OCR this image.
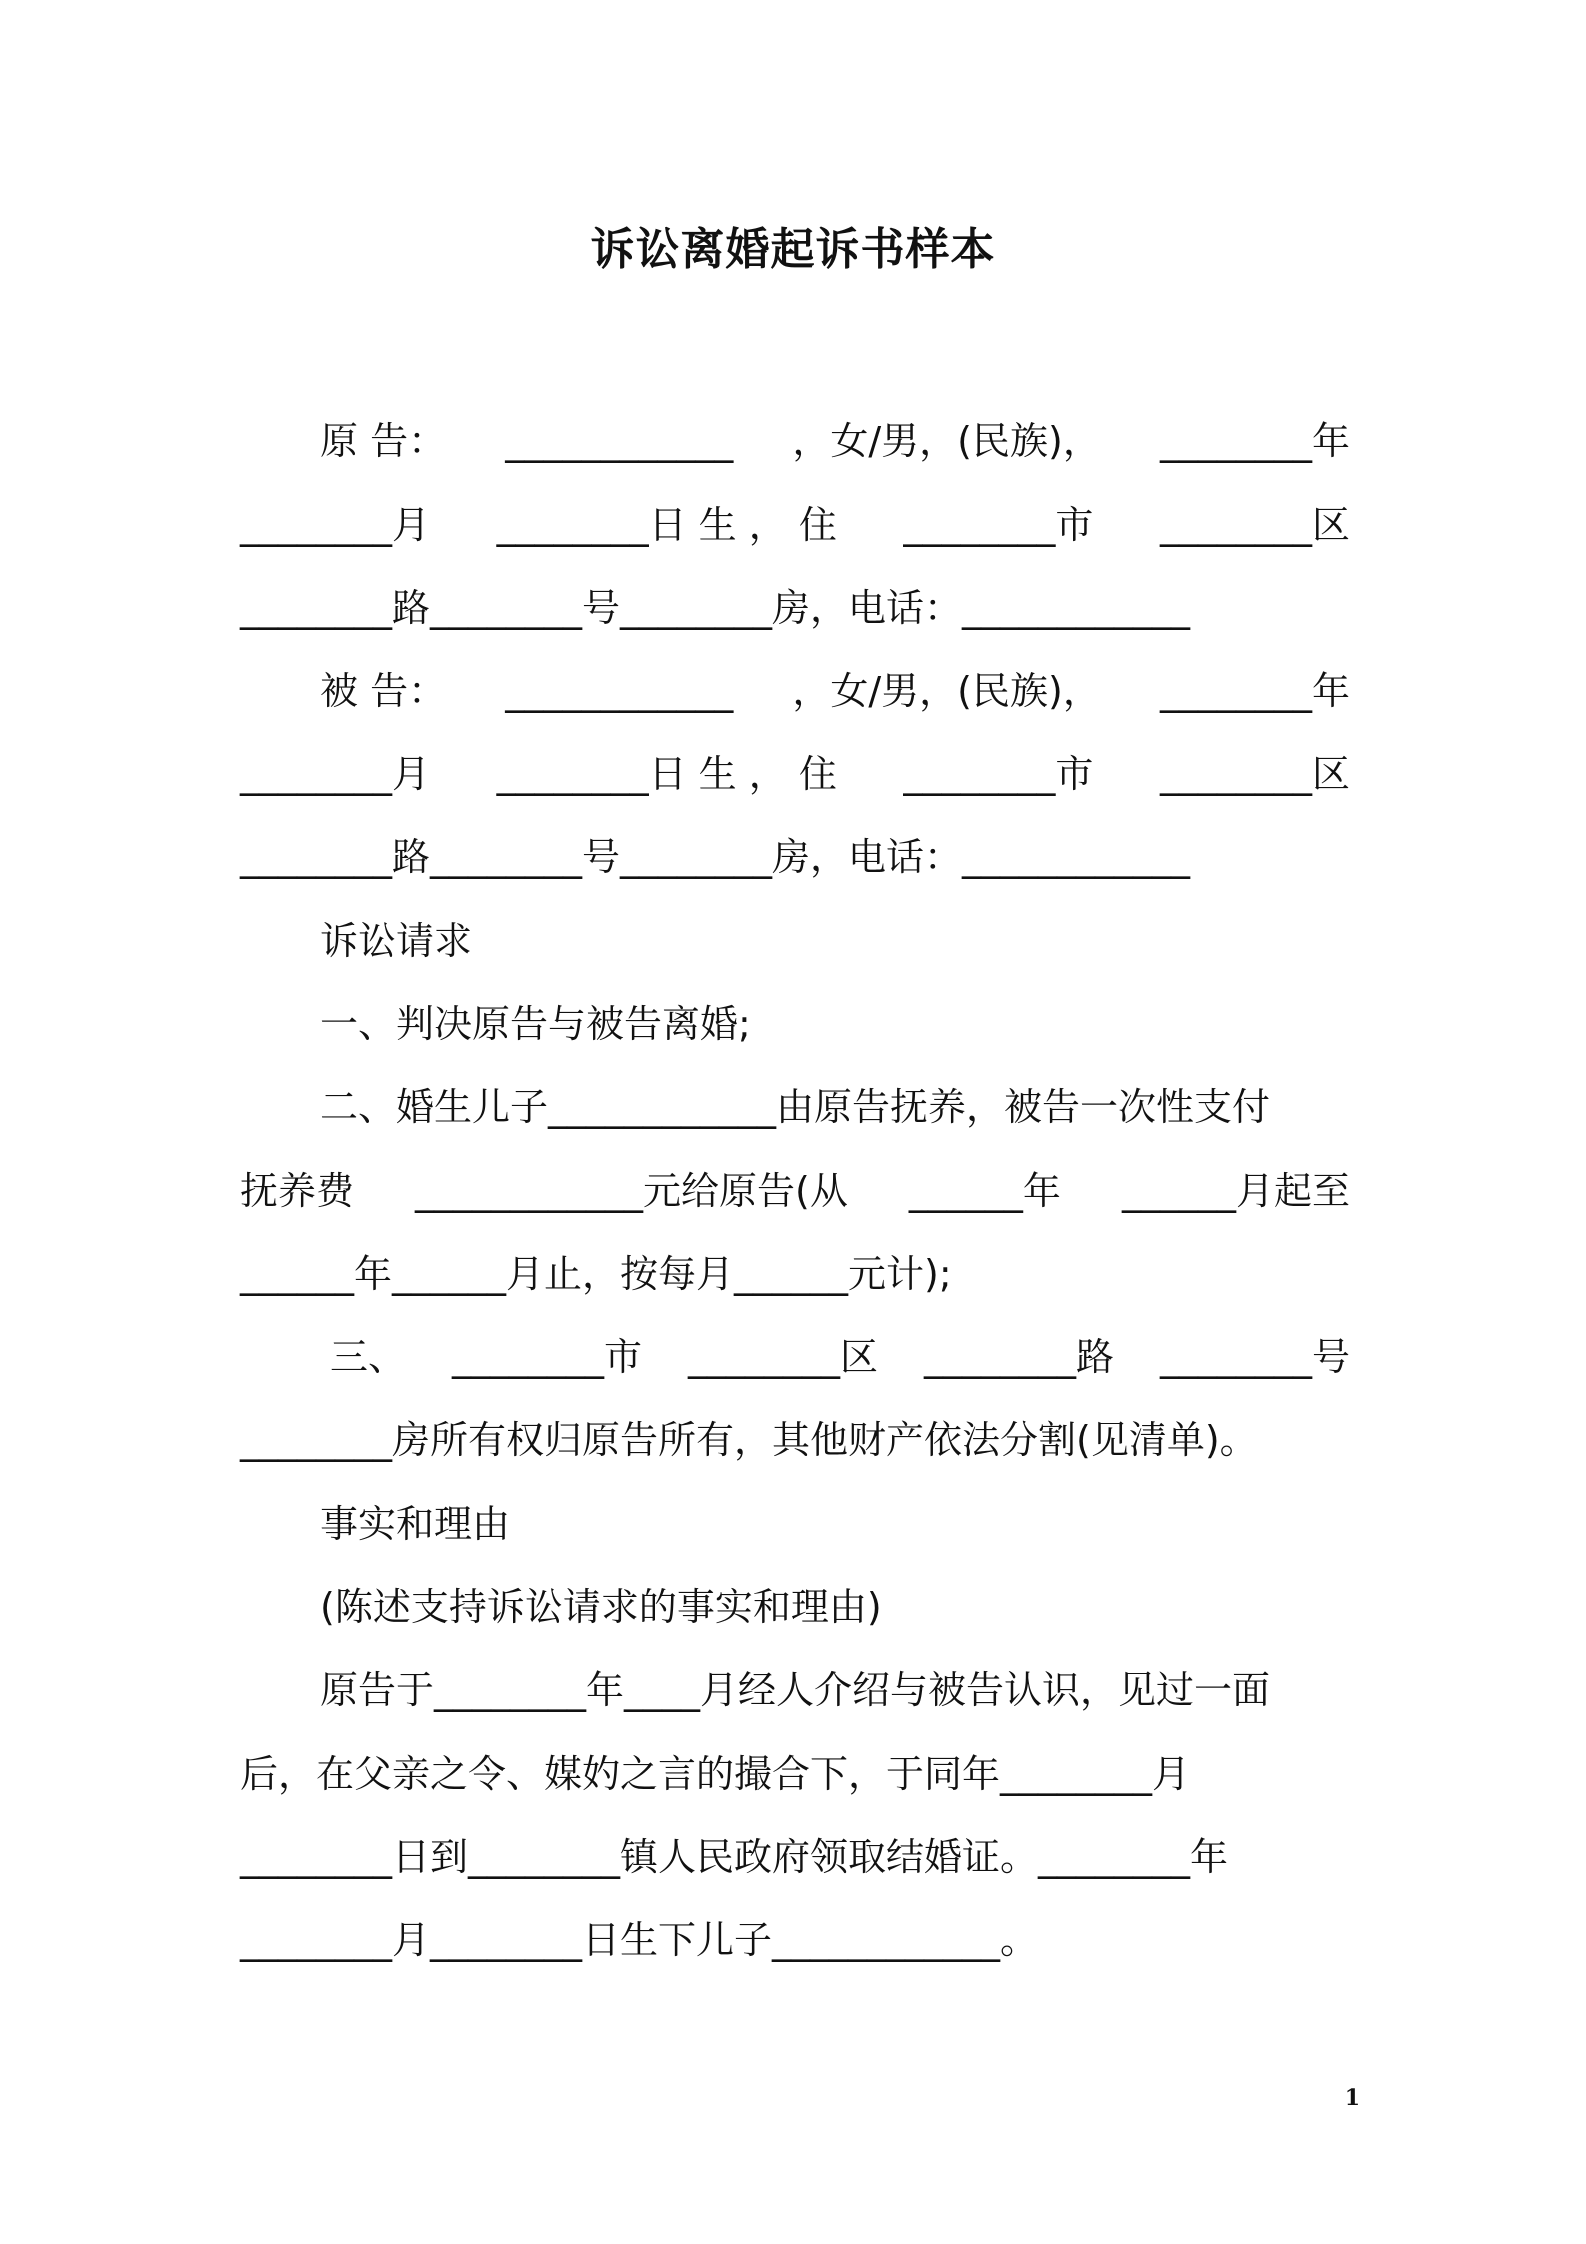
诉讼离婚起诉书样本
原 告： ____________ ，女/男，(民族)， ________年
________月 ________日 生 ， 住 ________市 ________区
________路________号________房，电话：____________
被 告： ____________ ，女/男，(民族)， ________年
________月 ________日 生 ， 住 ________市 ________区
________路________号________房，电话：____________
诉讼请求
一、判决原告与被告离婚;
二、婚生儿子____________由原告抚养，被告一次性支付
抚养费 ____________元给原告(从 ______年 ______月起至
______年______月止，按每月______元计);
三、 ________市 ________区 ________路 ________号
________房所有权归原告所有，其他财产依法分割(见清单)。
事实和理由
(陈述支持诉讼请求的事实和理由)
原告于________年____月经人介绍与被告认识，见过一面
后，在父亲之令、媒妁之言的撮合下，于同年________月
________日到________镇人民政府领取结婚证。________年
________月________日生下儿子____________。
1
